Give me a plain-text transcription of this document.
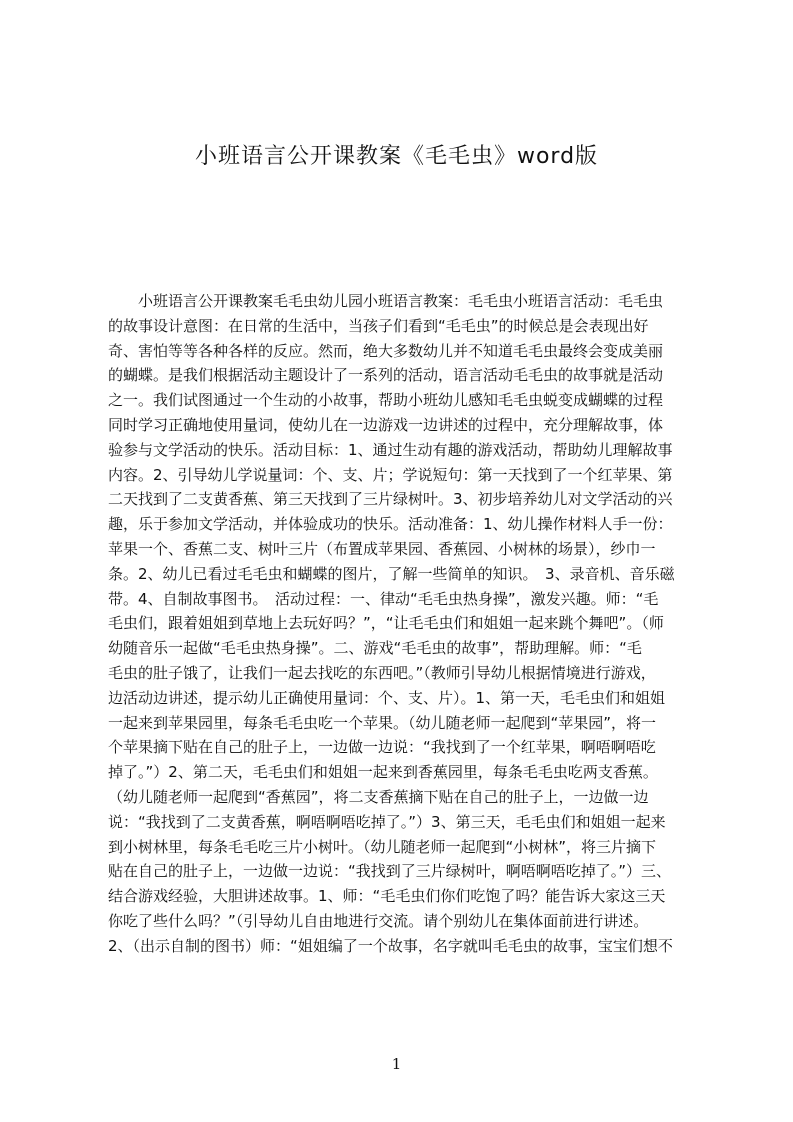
小班语言公开课教案《毛毛虫》word版
　　小班语言公开课教案毛毛虫幼儿园小班语言教案：毛毛虫小班语言活动：毛毛虫
的故事设计意图：在日常的生活中，当孩子们看到“毛毛虫”的时候总是会表现出好
奇、害怕等等各种各样的反应。然而，绝大多数幼儿并不知道毛毛虫最终会变成美丽
的蝴蝶。是我们根据活动主题设计了一系列的活动，语言活动毛毛虫的故事就是活动
之一。我们试图通过一个生动的小故事，帮助小班幼儿感知毛毛虫蜕变成蝴蝶的过程
同时学习正确地使用量词，使幼儿在一边游戏一边讲述的过程中，充分理解故事，体
验参与文学活动的快乐。活动目标：1、通过生动有趣的游戏活动，帮助幼儿理解故事
内容。2、引导幼儿学说量词：个、支、片；学说短句：第一天找到了一个红苹果、第
二天找到了二支黄香蕉、第三天找到了三片绿树叶。3、初步培养幼儿对文学活动的兴
趣，乐于参加文学活动，并体验成功的快乐。活动准备：1、幼儿操作材料人手一份：
苹果一个、香蕉二支、树叶三片（布置成苹果园、香蕉园、小树林的场景），纱巾一
条。2、幼儿已看过毛毛虫和蝴蝶的图片，了解一些简单的知识。　3、录音机、音乐磁
带。4、自制故事图书。　活动过程：一、律动“毛毛虫热身操”，激发兴趣。师：“毛
毛虫们，跟着姐姐到草地上去玩好吗？”，“让毛毛虫们和姐姐一起来跳个舞吧”。（师
幼随音乐一起做“毛毛虫热身操”。二、游戏“毛毛虫的故事”，帮助理解。师：“毛
毛虫的肚子饿了，让我们一起去找吃的东西吧。”（教师引导幼儿根据情境进行游戏，
边活动边讲述，提示幼儿正确使用量词：个、支、片）。1、第一天，毛毛虫们和姐姐
一起来到苹果园里，每条毛毛虫吃一个苹果。（幼儿随老师一起爬到“苹果园”，将一
个苹果摘下贴在自己的肚子上，一边做一边说：“我找到了一个红苹果，啊唔啊唔吃
掉了。”）2、第二天，毛毛虫们和姐姐一起来到香蕉园里，每条毛毛虫吃两支香蕉。
（幼儿随老师一起爬到“香蕉园”，将二支香蕉摘下贴在自己的肚子上，一边做一边
说：“我找到了二支黄香蕉，啊唔啊唔吃掉了。”）3、第三天，毛毛虫们和姐姐一起来
到小树林里，每条毛毛吃三片小树叶。（幼儿随老师一起爬到“小树林”，将三片摘下
贴在自己的肚子上，一边做一边说：“我找到了三片绿树叶，啊唔啊唔吃掉了。”）三、
结合游戏经验，大胆讲述故事。1、师：“毛毛虫们你们吃饱了吗？能告诉大家这三天
你吃了些什么吗？”（引导幼儿自由地进行交流。请个别幼儿在集体面前进行讲述。
2、（出示自制的图书）师：“姐姐编了一个故事，名字就叫毛毛虫的故事，宝宝们想不
1
